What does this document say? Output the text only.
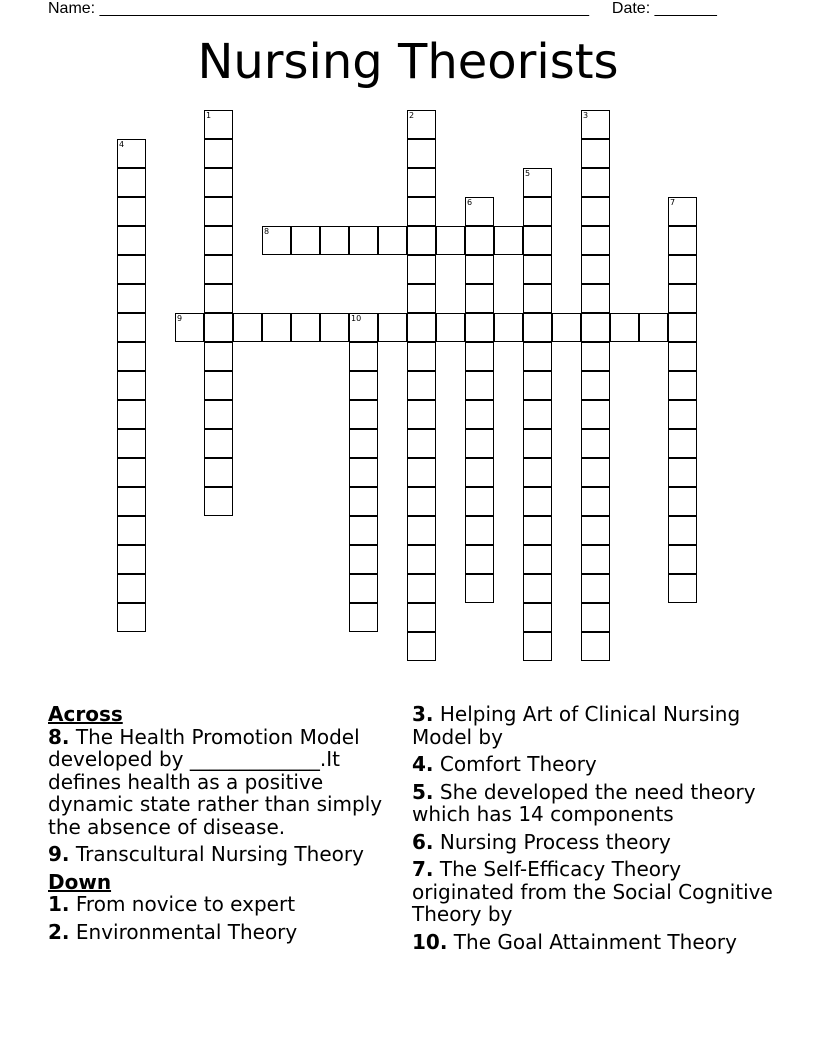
Name: _______________________________________________________ Date: _______
Nursing Theorists
1	2	3
4
5
6	7
8
9	10
Across
8. The Health Promotion Model developed by _____________.It defines health as a positive dynamic state rather than simply the absence of disease.
9. Transcultural Nursing Theory
Down
1. From novice to expert
2. Environmental Theory
3. Helping Art of Clinical Nursing Model by
4. Comfort Theory
5. She developed the need theory which has 14 components
6. Nursing Process theory
7. The Self-Efficacy Theory originated from the Social Cognitive Theory by
10. The Goal Attainment Theory
